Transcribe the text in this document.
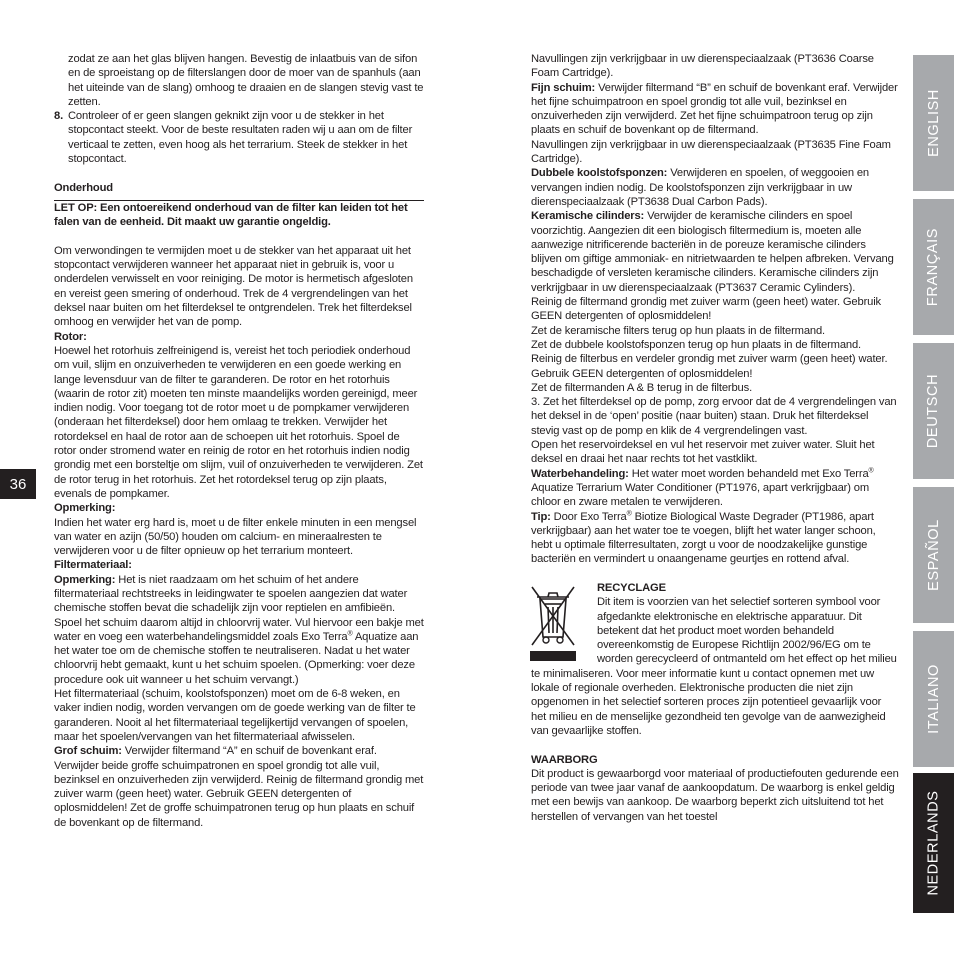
zodat ze aan het glas blijven hangen. Bevestig de inlaatbuis van de sifon en de sproeistang op de filterslangen door de moer van de spanhuls (aan het uiteinde van de slang) omhoog te draaien en de slangen stevig vast te zetten.

8. Controleer of er geen slangen geknikt zijn voor u de stekker in het stopcontact steekt. Voor de beste resultaten raden wij u aan om de filter verticaal te zetten, even hoog als het terrarium. Steek de stekker in het stopcontact.

Onderhoud

LET OP: Een ontoereikend onderhoud van de filter kan leiden tot het falen van de eenheid. Dit maakt uw garantie ongeldig.

Om verwondingen te vermijden moet u de stekker van het apparaat uit het stopcontact verwijderen wanneer het apparaat niet in gebruik is, voor u onderdelen verwisselt en voor reiniging. De motor is hermetisch afgesloten en vereist geen smering of onderhoud. Trek de 4 vergrendelingen van het deksel naar buiten om het filterdeksel te ontgrendelen. Trek het filterdeksel omhoog en verwijder het van de pomp.

Rotor:

Hoewel het rotorhuis zelfreinigend is, vereist het toch periodiek onderhoud om vuil, slijm en onzuiverheden te verwijderen en een goede werking en lange levensduur van de filter te garanderen. De rotor en het rotorhuis (waarin de rotor zit) moeten ten minste maandelijks worden gereinigd, meer indien nodig. Voor toegang tot de rotor moet u de pompkamer verwijderen (onderaan het filterdeksel) door hem omlaag te trekken. Verwijder het rotordeksel en haal de rotor aan de schoepen uit het rotorhuis. Spoel de rotor onder stromend water en reinig de rotor en het rotorhuis indien nodig grondig met een borsteltje om slijm, vuil of onzuiverheden te verwijderen. Zet de rotor terug in het rotorhuis. Zet het rotordeksel terug op zijn plaats, evenals de pompkamer.

Opmerking:

Indien het water erg hard is, moet u de filter enkele minuten in een mengsel van water en azijn (50/50) houden om calcium- en mineraalresten te verwijderen voor u de filter opnieuw op het terrarium monteert.

Filtermateriaal:

Opmerking: Het is niet raadzaam om het schuim of het andere filtermateriaal rechtstreeks in leidingwater te spoelen aangezien dat water chemische stoffen bevat die schadelijk zijn voor reptielen en amfibieën. Spoel het schuim daarom altijd in chloorvrij water. Vul hiervoor een bakje met water en voeg een waterbehandelingsmiddel zoals Exo Terra® Aquatize aan het water toe om de chemische stoffen te neutraliseren. Nadat u het water chloorvrij hebt gemaakt, kunt u het schuim spoelen. (Opmerking: voer deze procedure ook uit wanneer u het schuim vervangt.)

Het filtermateriaal (schuim, koolstofsponzen) moet om de 6-8 weken, en vaker indien nodig, worden vervangen om de goede werking van de filter te garanderen. Nooit al het filtermateriaal tegelijkertijd vervangen of spoelen, maar het spoelen/vervangen van het filtermateriaal afwisselen.

Grof schuim: Verwijder filtermand “A” en schuif de bovenkant eraf. Verwijder beide groffe schuimpatronen en spoel grondig tot alle vuil, bezinksel en onzuiverheden zijn verwijderd. Reinig de filtermand grondig met zuiver warm (geen heet) water. Gebruik GEEN detergenten of oplosmiddelen! Zet de groffe schuimpatronen terug op hun plaats en schuif de bovenkant op de filtermand.

Navullingen zijn verkrijgbaar in uw dierenspeciaalzaak (PT3636 Coarse Foam Cartridge).

Fijn schuim: Verwijder filtermand “B” en schuif de bovenkant eraf. Verwijder het fijne schuimpatroon en spoel grondig tot alle vuil, bezinksel en onzuiverheden zijn verwijderd. Zet het fijne schuimpatroon terug op zijn plaats en schuif de bovenkant op de filtermand.

Navullingen zijn verkrijgbaar in uw dierenspeciaalzaak (PT3635 Fine Foam Cartridge).

Dubbele koolstofsponzen: Verwijderen en spoelen, of weggooien en vervangen indien nodig. De koolstofsponzen zijn verkrijgbaar in uw dierenspeciaalzaak (PT3638 Dual Carbon Pads).

Keramische cilinders: Verwijder de keramische cilinders en spoel voorzichtig. Aangezien dit een biologisch filtermedium is, moeten alle aanwezige nitrificerende bacteriën in de poreuze keramische cilinders blijven om giftige ammoniak- en nitrietwaarden te helpen afbreken. Vervang beschadigde of versleten keramische cilinders. Keramische cilinders zijn verkrijgbaar in uw dierenspeciaalzaak (PT3637 Ceramic Cylinders).

Reinig de filtermand grondig met zuiver warm (geen heet) water. Gebruik GEEN detergenten of oplosmiddelen!

Zet de keramische filters terug op hun plaats in de filtermand.

Zet de dubbele koolstofsponzen terug op hun plaats in de filtermand.

Reinig de filterbus en verdeler grondig met zuiver warm (geen heet) water. Gebruik GEEN detergenten of oplosmiddelen!

Zet de filtermanden A & B terug in de filterbus.

3. Zet het filterdeksel op de pomp, zorg ervoor dat de 4 vergrendelingen van het deksel in de ‘open’ positie (naar buiten) staan. Druk het filterdeksel stevig vast op de pomp en klik de 4 vergrendelingen vast.

Open het reservoirdeksel en vul het reservoir met zuiver water. Sluit het deksel en draai het naar rechts tot het vastklikt.

Waterbehandeling: Het water moet worden behandeld met Exo Terra® Aquatize Terrarium Water Conditioner (PT1976, apart verkrijgbaar) om chloor en zware metalen te verwijderen.

Tip: Door Exo Terra® Biotize Biological Waste Degrader (PT1986, apart verkrijgbaar) aan het water toe te voegen, blijft het water langer schoon, hebt u optimale filterresultaten, zorgt u voor de noodzakelijke gunstige bacteriën en vermindert u onaangename geurtjes en rottend afval.

RECYCLAGE

Dit item is voorzien van het selectief sorteren symbool voor afgedankte elektronische en elektrische apparatuur. Dit betekent dat het product moet worden behandeld overeenkomstig de Europese Richtlijn 2002/96/EG om te worden gerecycleerd of ontmanteld om het effect op het milieu te minimaliseren. Voor meer informatie kunt u contact opnemen met uw lokale of regionale overheden. Elektronische producten die niet zijn opgenomen in het selectief sorteren proces zijn potentieel gevaarlijk voor het milieu en de menselijke gezondheid ten gevolge van de aanwezigheid van gevaarlijke stoffen.

WAARBORG

Dit product is gewaarborgd voor materiaal of productiefouten gedurende een periode van twee jaar vanaf de aankoopdatum. De waarborg is enkel geldig met een bewijs van aankoop. De waarborg beperkt zich uitsluitend tot het herstellen of vervangen van het toestel

36
ENGLISH
FRANÇAIS
DEUTSCH
ESPAÑOL
ITALIANO
NEDERLANDS
